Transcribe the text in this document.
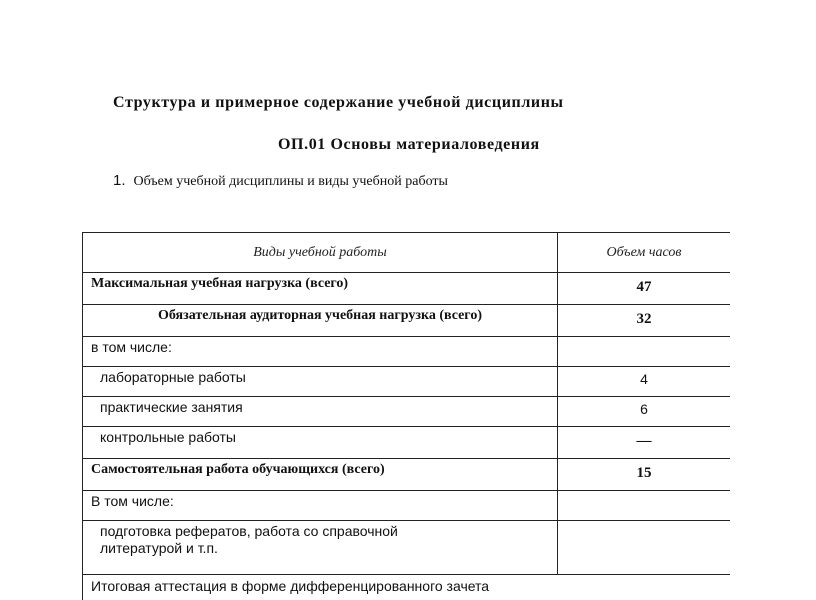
Структура и примерное содержание учебной дисциплины
ОП.01 Основы материаловедения
1. Объем учебной дисциплины и виды учебной работы
Виды учебной работы	Объем часов
Максимальная учебная нагрузка (всего)	47
Обязательная аудиторная учебная нагрузка (всего)	32
в том числе:	
лабораторные работы	4
практические занятия	6
контрольные работы	—
Самостоятельная работа обучающихся (всего)	15
В том числе:	
подготовка рефератов, работа со справочной литературой и т.п.	
Итоговая аттестация в форме дифференцированного зачета	
